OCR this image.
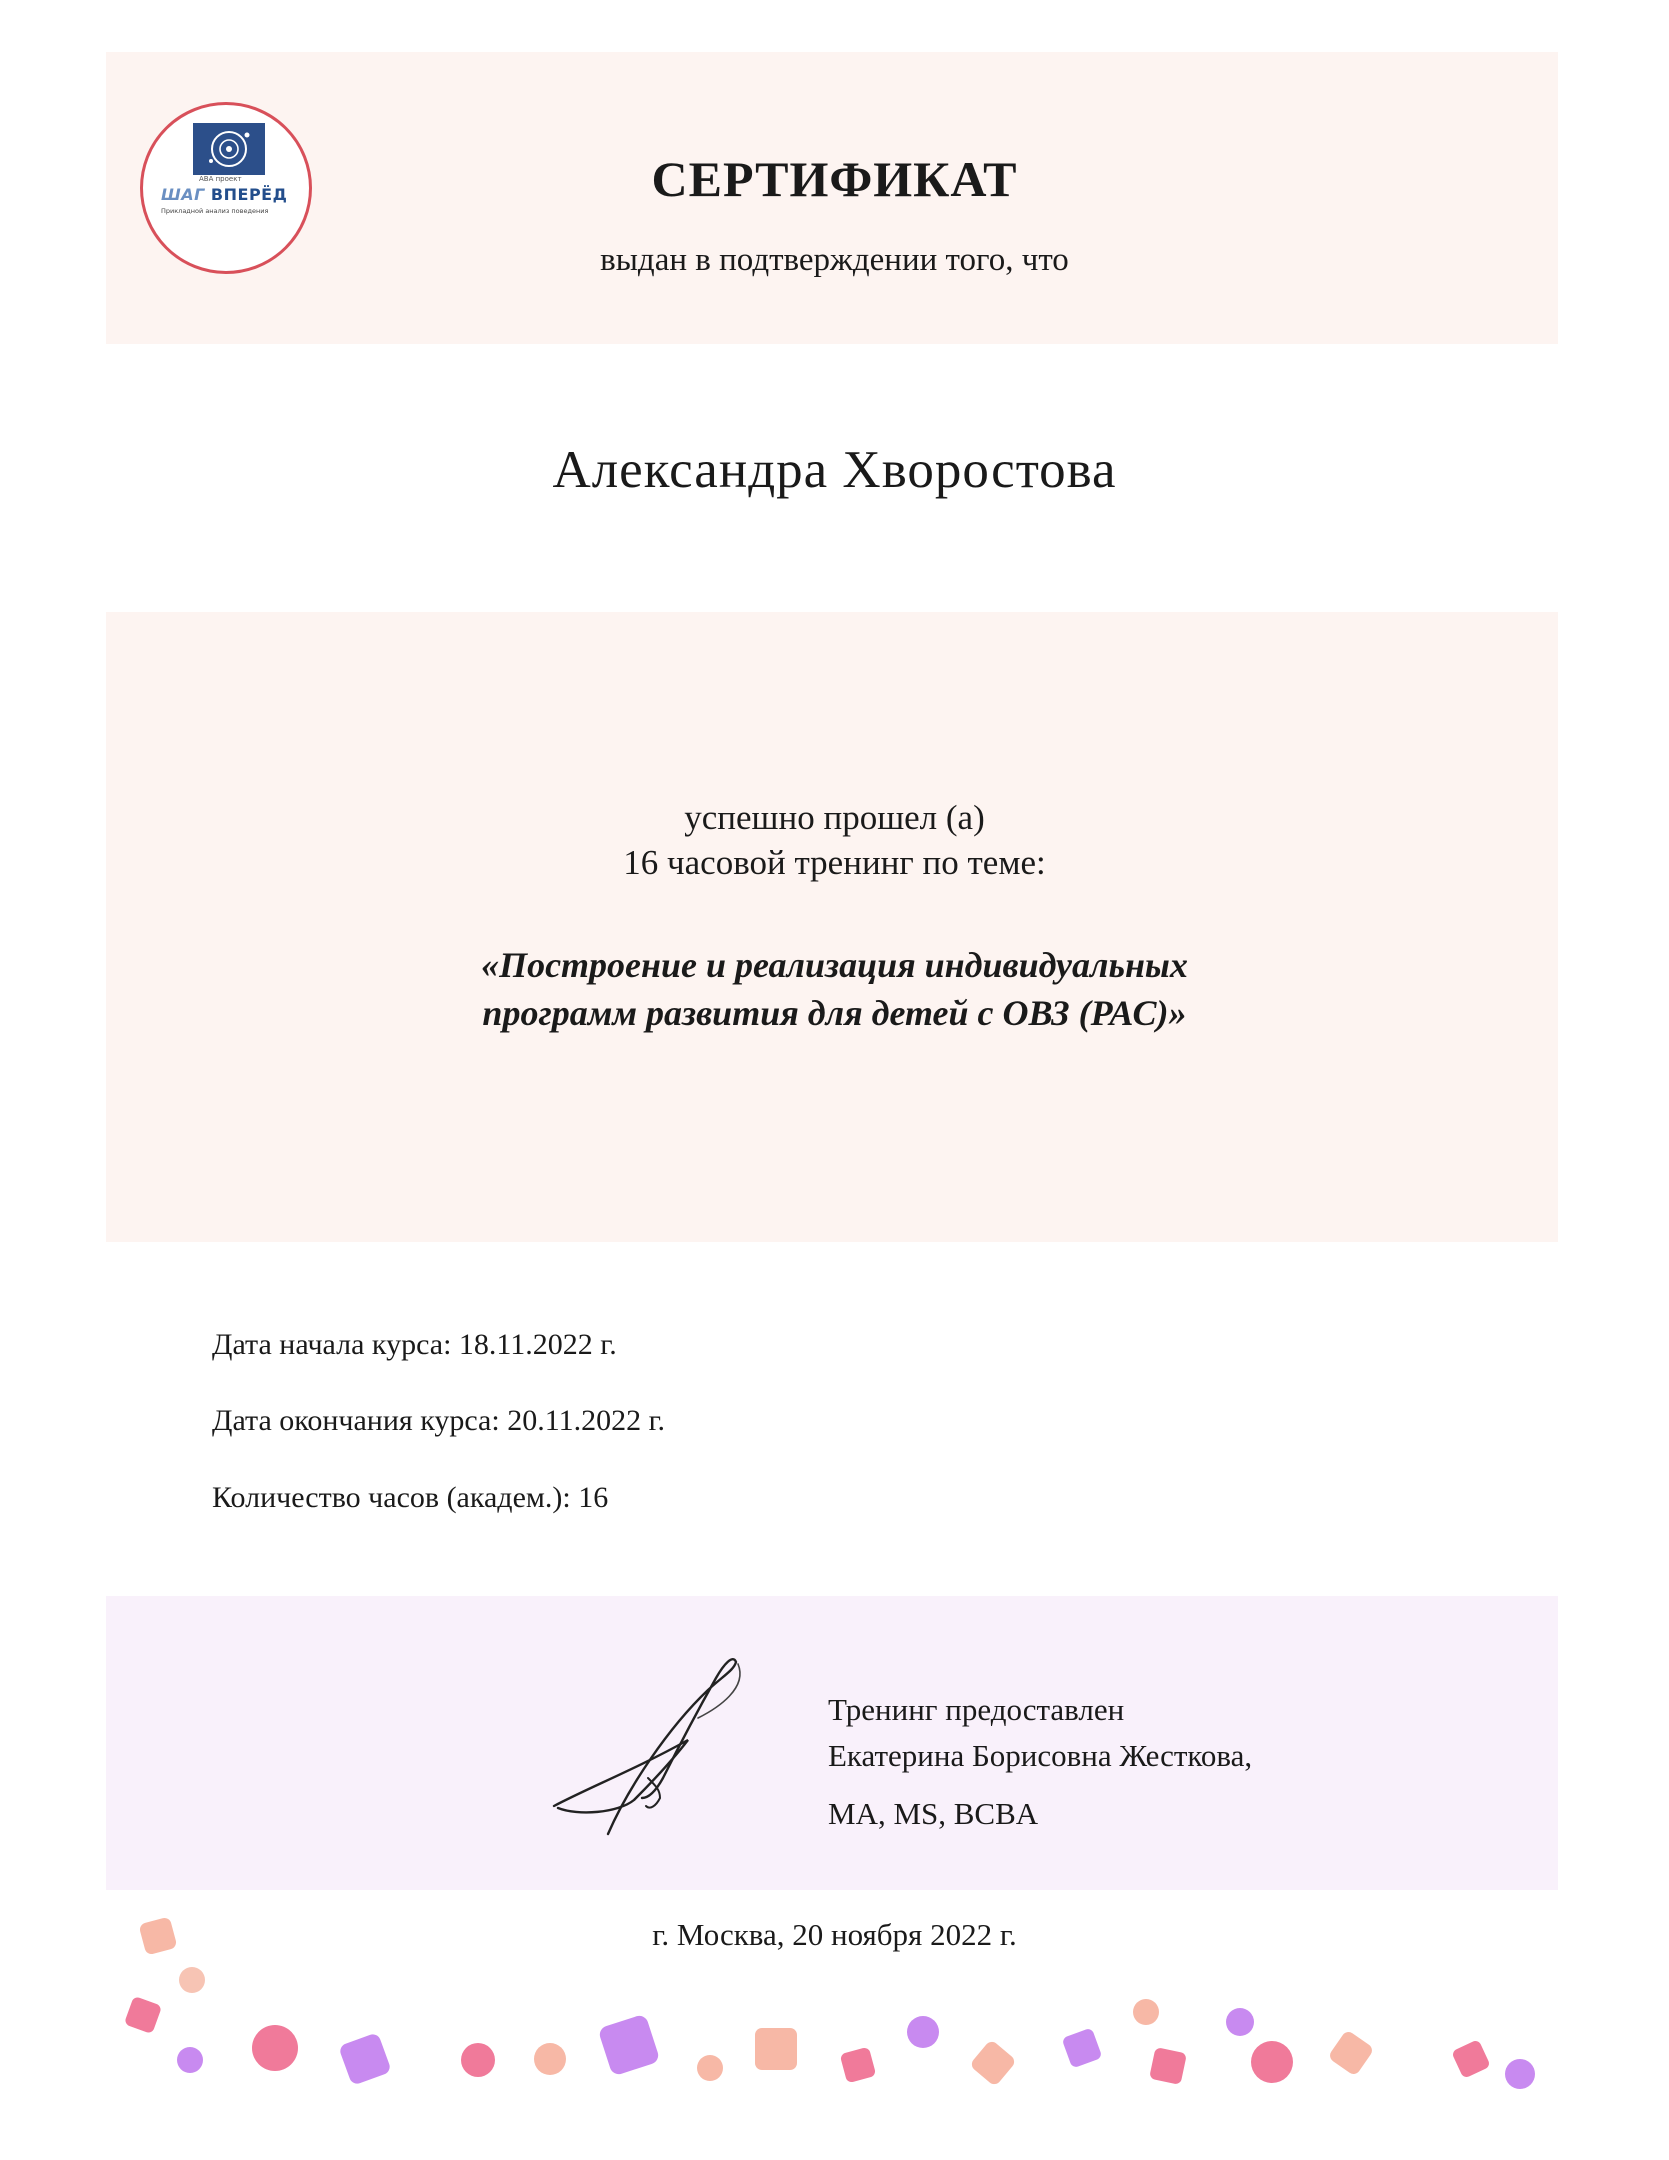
АВА проект
ШАГ ВПЕРЁД
Прикладной анализ поведения
СЕРТИФИКАТ
выдан в подтверждении того, что
Александра Хворостова
успешно прошел (а)
16 часовой тренинг по теме:
«Построение и реализация индивидуальных
программ развития для детей с ОВЗ (РАС)»
Дата начала курса: 18.11.2022 г.
Дата окончания курса: 20.11.2022 г.
Количество часов (академ.): 16
Тренинг предоставлен
Екатерина Борисовна Жесткова,
MA, MS, BCBA
г. Москва, 20 ноября 2022 г.
